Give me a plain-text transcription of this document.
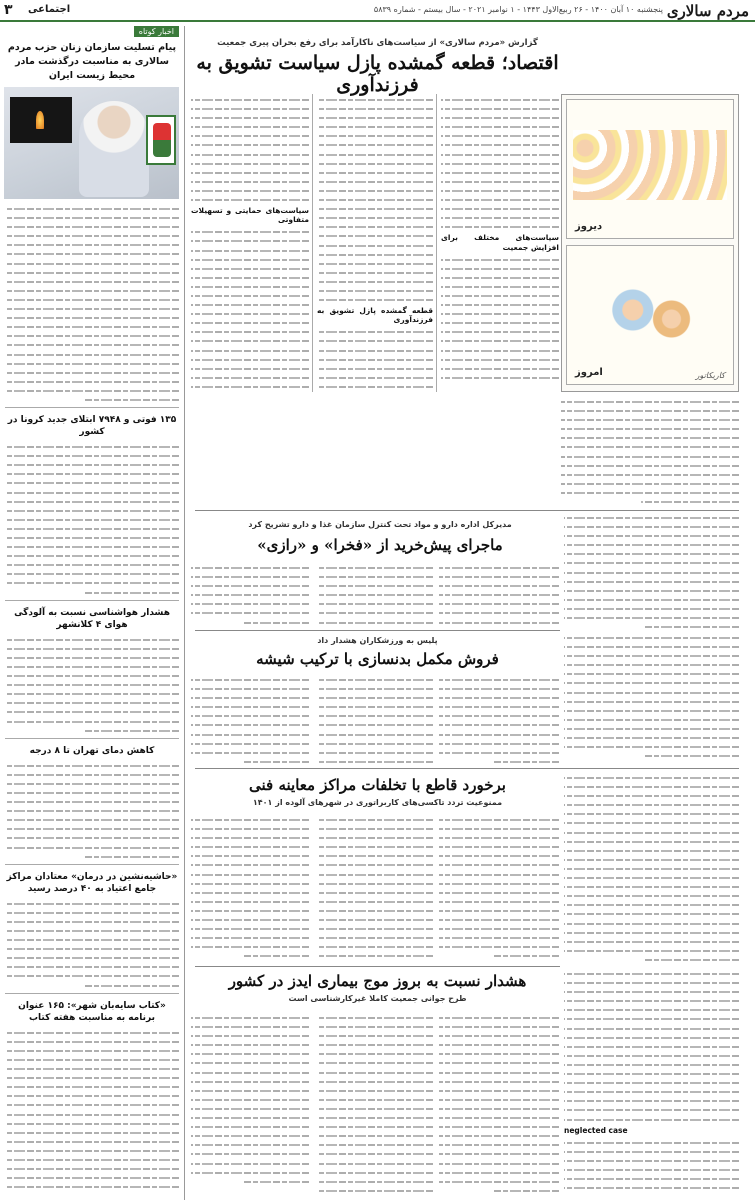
مردم سالاری
پنجشنبه ۱۰ آبان ۱۴۰۰ - ۲۶ ربیع‌الاول ۱۴۴۳ - ۱ نوامبر ۲۰۲۱ - سال بیستم - شماره ۵۸۳۹
اجتماعی
۳
اخبار کوتاه
پیام تسلیت سازمان زنان حزب مردم سالاری به مناسبت درگذشت مادر محیط زیست ایران
۱۳۵ فوتی و ۷۹۴۸ ابتلای جدید کرونا در کشور
هشدار هواشناسی نسبت به آلودگی هوای ۴ کلانشهر
کاهش دمای تهران تا ۸ درجه
«حاشیه‌نشین در درمان» معتادان مراکز جامع اعتیاد به ۴۰ درصد رسید
«کتاب سایه‌بان شهر»: ۱۶۵ عنوان برنامه به مناسبت هفته کتاب
گزارش «مردم سالاری» از سیاست‌های ناکارآمد برای رفع بحران پیری جمعیت
اقتصاد؛ قطعه گمشده پازل سیاست تشویق به فرزندآوری
دیروز
امروز	کاریکاتور
سیاست‌های مختلف برای افزایش جمعیت
قطعه گمشده پازل تشویق به فرزندآوری
سیاست‌های حمایتی و تسهیلات متفاوتی
مدیرکل اداره دارو و مواد تحت کنترل سازمان غذا و دارو تشریح کرد
ماجرای پیش‌خرید از «فخرا» و «رازی»
پلیس به ورزشکاران هشدار داد
فروش مکمل بدنسازی با ترکیب شیشه
برخورد قاطع با تخلفات مراکز معاینه فنی
ممنوعیت تردد تاکسی‌های کاربراتوری در شهرهای آلوده از ۱۴۰۱
هشدار نسبت به بروز موج بیماری ایدز در کشور
طرح جوانی جمعیت کاملا غیرکارشناسی است
neglected case
